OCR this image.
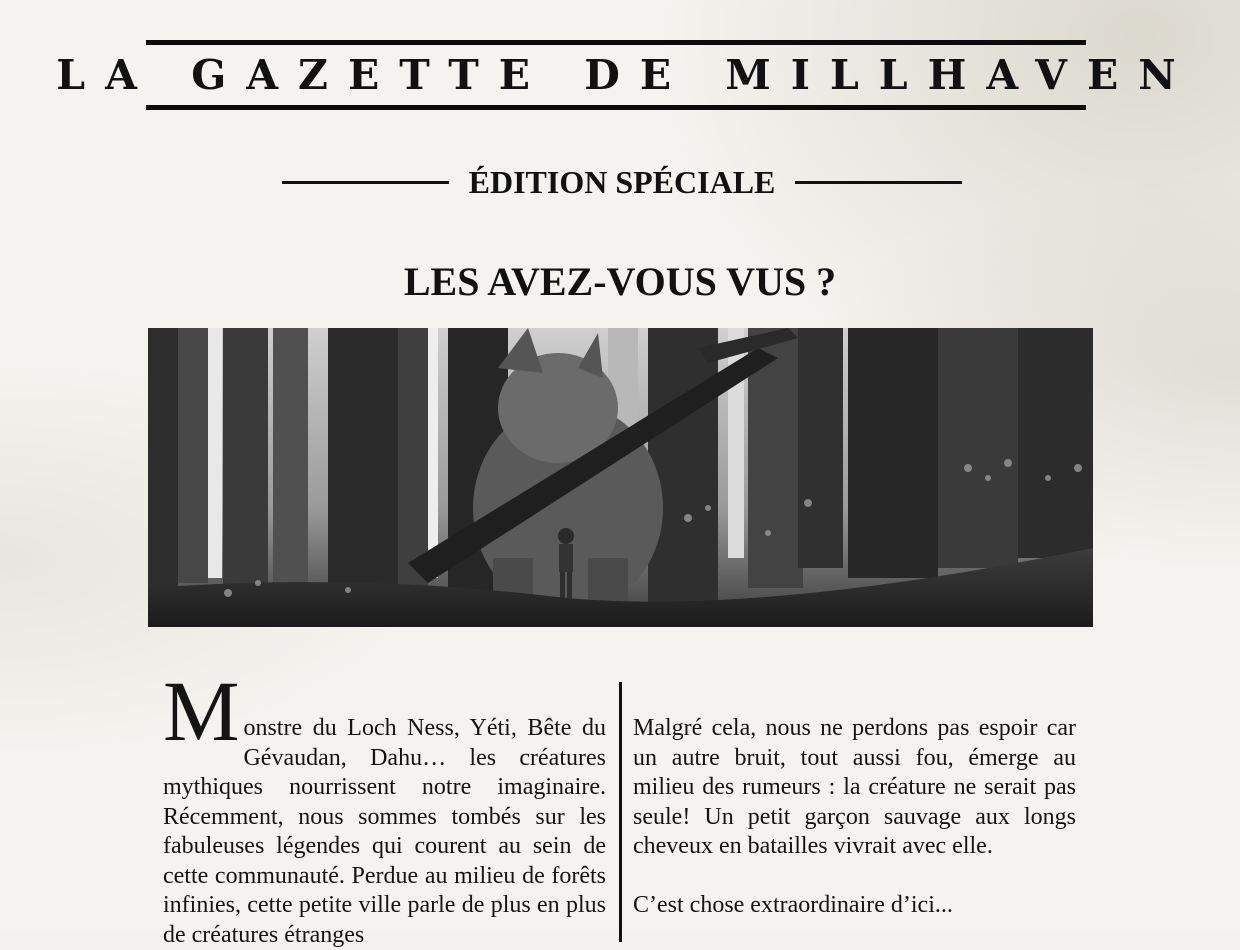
LA GAZETTE DE MILLHAVEN
ÉDITION SPÉCIALE
LES AVEZ-VOUS VUS ?
M onstre du Loch Ness, Yéti, Bête du Gévaudan, Dahu… les créatures mythiques nourrissent notre imaginaire. Récemment, nous sommes tombés sur les fabuleuses légendes qui courent au sein de cette communauté. Perdue au milieu de forêts infinies, cette petite ville parle de plus en plus de créatures étranges

Malgré cela, nous ne perdons pas espoir car un autre bruit, tout aussi fou, émerge au milieu des rumeurs : la créature ne serait pas seule! Un petit garçon sauvage aux longs cheveux en batailles vivrait avec elle.

C’est chose extraordinaire d’ici...
